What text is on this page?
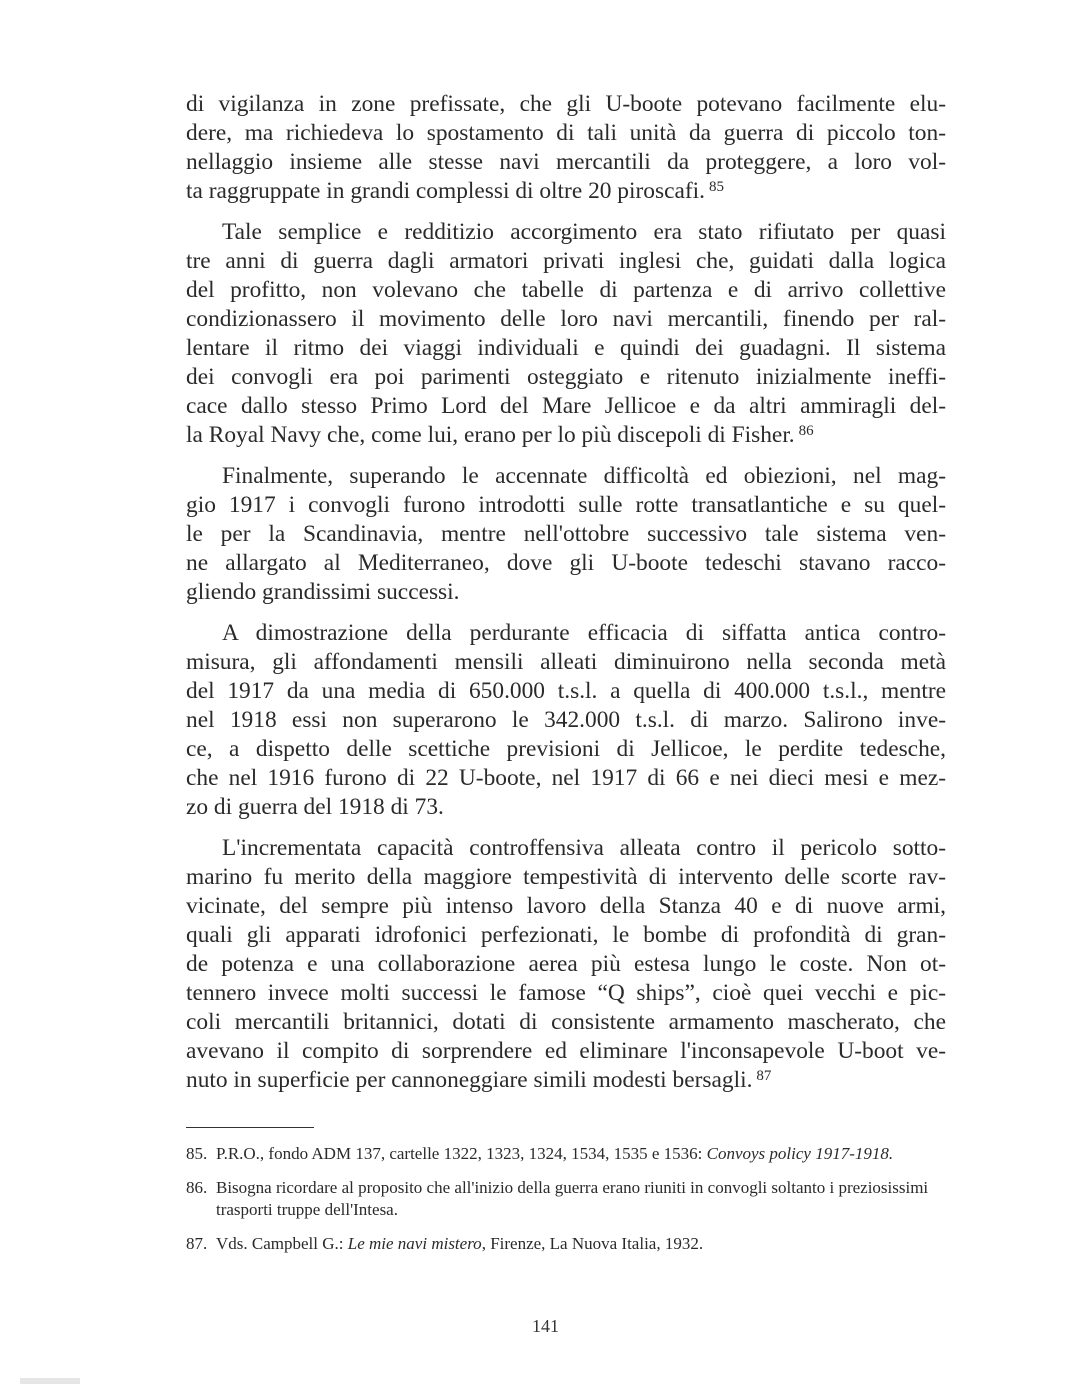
di vigilanza in zone prefissate, che gli U-boote potevano facilmente elu-
dere, ma richiedeva lo spostamento di tali unità da guerra di piccolo ton-
nellaggio insieme alle stesse navi mercantili da proteggere, a loro vol-
ta raggruppate in grandi complessi di oltre 20 piroscafi. $^{85}$

Tale semplice e redditizio accorgimento era stato rifiutato per quasi
tre anni di guerra dagli armatori privati inglesi che, guidati dalla logica
del profitto, non volevano che tabelle di partenza e di arrivo collettive
condizionassero il movimento delle loro navi mercantili, finendo per ral-
lentare il ritmo dei viaggi individuali e quindi dei guadagni. Il sistema
dei convogli era poi parimenti osteggiato e ritenuto inizialmente ineffi-
cace dallo stesso Primo Lord del Mare Jellicoe e da altri ammiragli del-
la Royal Navy che, come lui, erano per lo più discepoli di Fisher. $^{86}$

Finalmente, superando le accennate difficoltà ed obiezioni, nel mag-
gio 1917 i convogli furono introdotti sulle rotte transatlantiche e su quel-
le per la Scandinavia, mentre nell'ottobre successivo tale sistema ven-
ne allargato al Mediterraneo, dove gli U-boote tedeschi stavano racco-
gliendo grandissimi successi.

A dimostrazione della perdurante efficacia di siffatta antica contro-
misura, gli affondamenti mensili alleati diminuirono nella seconda metà
del 1917 da una media di 650.000 t.s.l. a quella di 400.000 t.s.l., mentre
nel 1918 essi non superarono le 342.000 t.s.l. di marzo. Salirono inve-
ce, a dispetto delle scettiche previsioni di Jellicoe, le perdite tedesche,
che nel 1916 furono di 22 U-boote, nel 1917 di 66 e nei dieci mesi e mez-
zo di guerra del 1918 di 73.

L'incrementata capacità controffensiva alleata contro il pericolo sotto-
marino fu merito della maggiore tempestività di intervento delle scorte rav-
vicinate, del sempre più intenso lavoro della Stanza 40 e di nuove armi,
quali gli apparati idrofonici perfezionati, le bombe di profondità di gran-
de potenza e una collaborazione aerea più estesa lungo le coste. Non ot-
tennero invece molti successi le famose “Q ships”, cioè quei vecchi e pic-
coli mercantili britannici, dotati di consistente armamento mascherato, che
avevano il compito di sorprendere ed eliminare l'inconsapevole U-boot ve-
nuto in superficie per cannoneggiare simili modesti bersagli. $^{87}$

85. P.R.O., fondo ADM 137, cartelle 1322, 1323, 1324, 1534, 1535 e 1536: Convoys policy 1917-1918.
86. Bisogna ricordare al proposito che all'inizio della guerra erano riuniti in convogli soltanto i preziosissimi trasporti truppe dell'Intesa.
87. Vds. Campbell G.: Le mie navi mistero, Firenze, La Nuova Italia, 1932.
141
